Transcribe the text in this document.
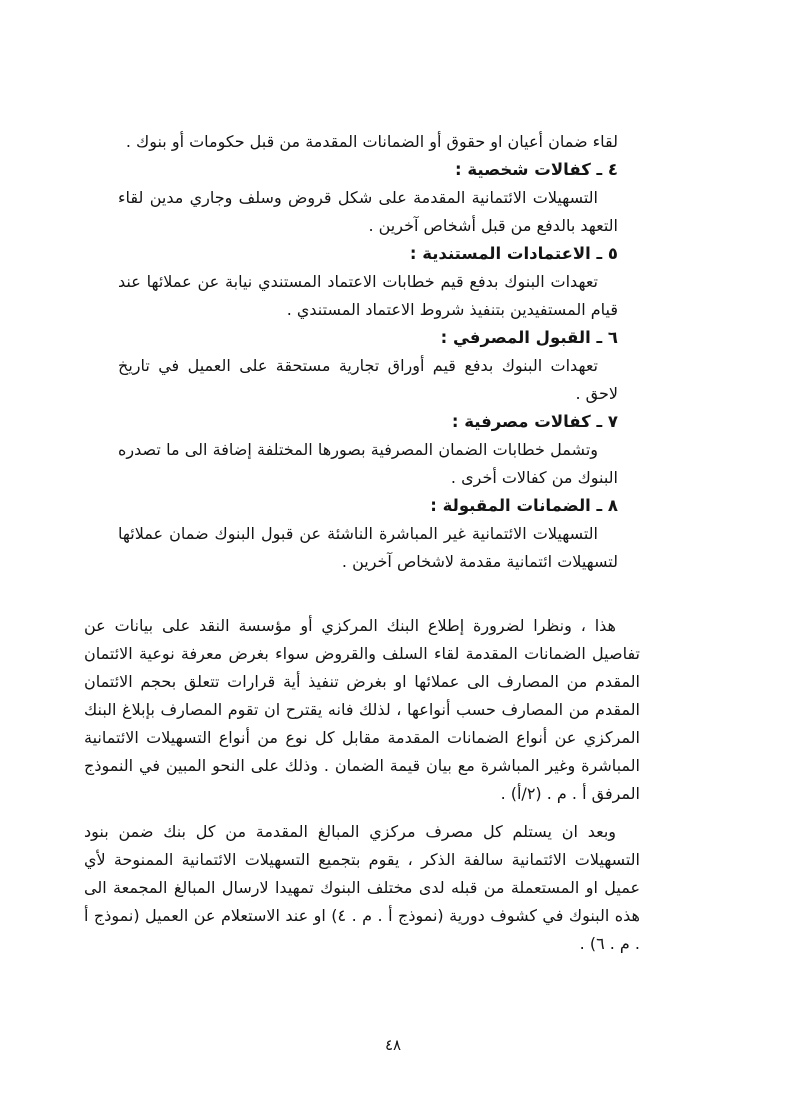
لقاء ضمان أعيان او حقوق أو الضمانات المقدمة من قبل حكومات أو بنوك .
٤ ـ كفالات شخصية :
التسهيلات الائتمانية المقدمة على شكل قروض وسلف وجاري مدين لقاء التعهد بالدفع من قبل أشخاص آخرين .
٥ ـ الاعتمادات المستندية :
تعهدات البنوك بدفع قيم خطابات الاعتماد المستندي نيابة عن عملائها عند قيام المستفيدين بتنفيذ شروط الاعتماد المستندي .
٦ ـ القبول المصرفي :
تعهدات البنوك بدفع قيم أوراق تجارية مستحقة على العميل في تاريخ لاحق .
٧ ـ كفالات مصرفية :
وتشمل خطابات الضمان المصرفية بصورها المختلفة إضافة الى ما تصدره البنوك من كفالات أخرى .
٨ ـ الضمانات المقبولة :
التسهيلات الائتمانية غير المباشرة الناشئة عن قبول البنوك ضمان عملائها لتسهيلات ائتمانية مقدمة لاشخاص آخرين .

هذا ، ونظرا لضرورة إطلاع البنك المركزي أو مؤسسة النقد على بيانات عن تفاصيل الضمانات المقدمة لقاء السلف والقروض سواء بغرض معرفة نوعية الائتمان المقدم من المصارف الى عملائها او بغرض تنفيذ أية قرارات تتعلق بحجم الائتمان المقدم من المصارف حسب أنواعها ، لذلك فانه يقترح ان تقوم المصارف بإبلاغ البنك المركزي عن أنواع الضمانات المقدمة مقابل كل نوع من أنواع التسهيلات الائتمانية المباشرة وغير المباشرة مع بيان قيمة الضمان . وذلك على النحو المبين في النموذج المرفق أ . م . (٢/أ) .

وبعد ان يستلم كل مصرف مركزي المبالغ المقدمة من كل بنك ضمن بنود التسهيلات الائتمانية سالفة الذكر ، يقوم بتجميع التسهيلات الائتمانية الممنوحة لأي عميل او المستعملة من قبله لدى مختلف البنوك تمهيدا لارسال المبالغ المجمعة الى هذه البنوك في كشوف دورية (نموذج أ . م . ٤) او عند الاستعلام عن العميل (نموذج أ . م . ٦) .

٤٨
